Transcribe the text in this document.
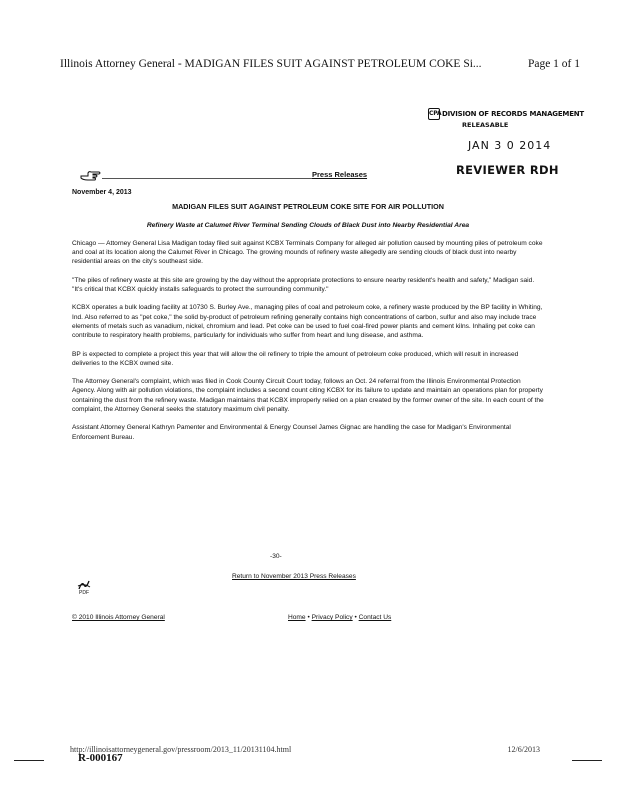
Illinois Attorney General - MADIGAN FILES SUIT AGAINST PETROLEUM COKE Si...	Page 1 of 1
CPA DIVISION OF RECORDS MANAGEMENT
RELEASABLE
JAN 3 0 2014
REVIEWER RDH
Press Releases

November 4, 2013

MADIGAN FILES SUIT AGAINST PETROLEUM COKE SITE FOR AIR POLLUTION

Refinery Waste at Calumet River Terminal Sending Clouds of Black Dust into Nearby Residential Area

Chicago — Attorney General Lisa Madigan today filed suit against KCBX Terminals Company for alleged air pollution caused by mounting piles of petroleum coke and coal at its location along the Calumet River in Chicago. The growing mounds of refinery waste allegedly are sending clouds of black dust into nearby residential areas on the city's southeast side.

"The piles of refinery waste at this site are growing by the day without the appropriate protections to ensure nearby resident's health and safety," Madigan said. "It's critical that KCBX quickly installs safeguards to protect the surrounding community."

KCBX operates a bulk loading facility at 10730 S. Burley Ave., managing piles of coal and petroleum coke, a refinery waste produced by the BP facility in Whiting, Ind. Also referred to as "pet coke," the solid by-product of petroleum refining generally contains high concentrations of carbon, sulfur and also may include trace elements of metals such as vanadium, nickel, chromium and lead. Pet coke can be used to fuel coal-fired power plants and cement kilns. Inhaling pet coke can contribute to respiratory health problems, particularly for individuals who suffer from heart and lung disease, and asthma.

BP is expected to complete a project this year that will allow the oil refinery to triple the amount of petroleum coke produced, which will result in increased deliveries to the KCBX owned site.

The Attorney General's complaint, which was filed in Cook County Circuit Court today, follows an Oct. 24 referral from the Illinois Environmental Protection Agency. Along with air pollution violations, the complaint includes a second count citing KCBX for its failure to update and maintain an operations plan for property containing the dust from the refinery waste. Madigan maintains that KCBX improperly relied on a plan created by the former owner of the site. In each count of the complaint, the Attorney General seeks the statutory maximum civil penalty.

Assistant Attorney General Kathryn Pamenter and Environmental & Energy Counsel James Gignac are handling the case for Madigan's Environmental Enforcement Bureau.

-30-
Return to November 2013 Press Releases
PDF
© 2010 Illinois Attorney General	Home • Privacy Policy • Contact Us
http://illinoisattorneygeneral.gov/pressroom/2013_11/20131104.html	12/6/2013
R-000167
